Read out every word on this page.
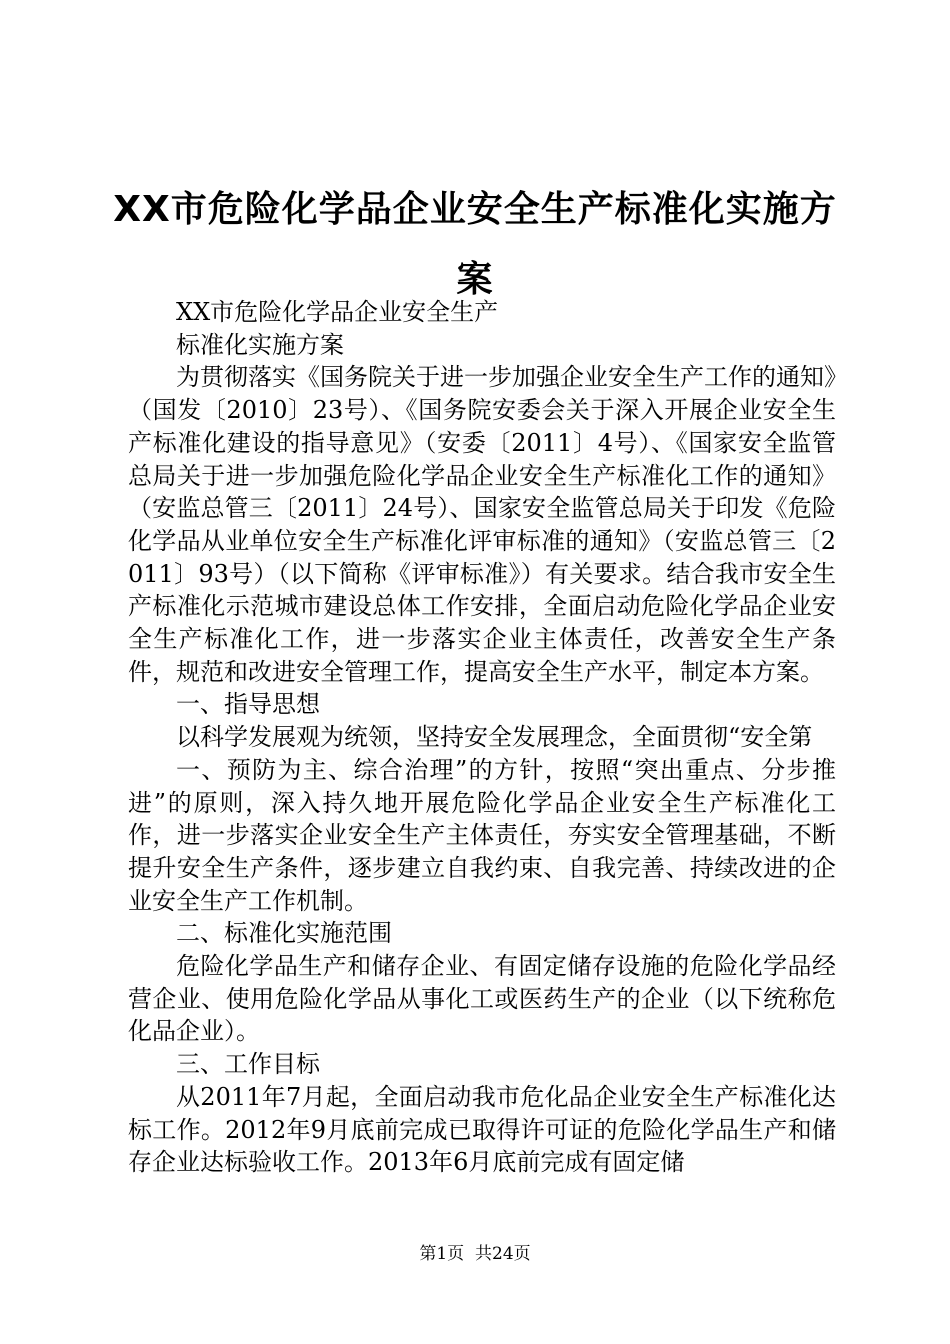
XX市危险化学品企业安全生产标准化实施方案

XX市危险化学品企业安全生产

标准化实施方案

为贯彻落实《国务院关于进一步加强企业安全生产工作的通知》（国发〔2010〕23号）、《国务院安委会关于深入开展企业安全生产标准化建设的指导意见》（安委〔2011〕4号）、《国家安全监管总局关于进一步加强危险化学品企业安全生产标准化工作的通知》（安监总管三〔2011〕24号）、国家安全监管总局关于印发《危险化学品从业单位安全生产标准化评审标准的通知》（安监总管三〔2011〕93号）（以下简称《评审标准》）有关要求。结合我市安全生产标准化示范城市建设总体工作安排，全面启动危险化学品企业安全生产标准化工作，进一步落实企业主体责任，改善安全生产条件，规范和改进安全管理工作，提高安全生产水平，制定本方案。

一、指导思想

以科学发展观为统领，坚持安全发展理念，全面贯彻“安全第

一、预防为主、综合治理”的方针，按照“突出重点、分步推进”的原则，深入持久地开展危险化学品企业安全生产标准化工作，进一步落实企业安全生产主体责任，夯实安全管理基础，不断提升安全生产条件，逐步建立自我约束、自我完善、持续改进的企业安全生产工作机制。

二、标准化实施范围

危险化学品生产和储存企业、有固定储存设施的危险化学品经营企业、使用危险化学品从事化工或医药生产的企业（以下统称危化品企业）。

三、工作目标

从2011年7月起，全面启动我市危化品企业安全生产标准化达标工作。2012年9月底前完成已取得许可证的危险化学品生产和储存企业达标验收工作。2013年6月底前完成有固定储

第1页 共24页
